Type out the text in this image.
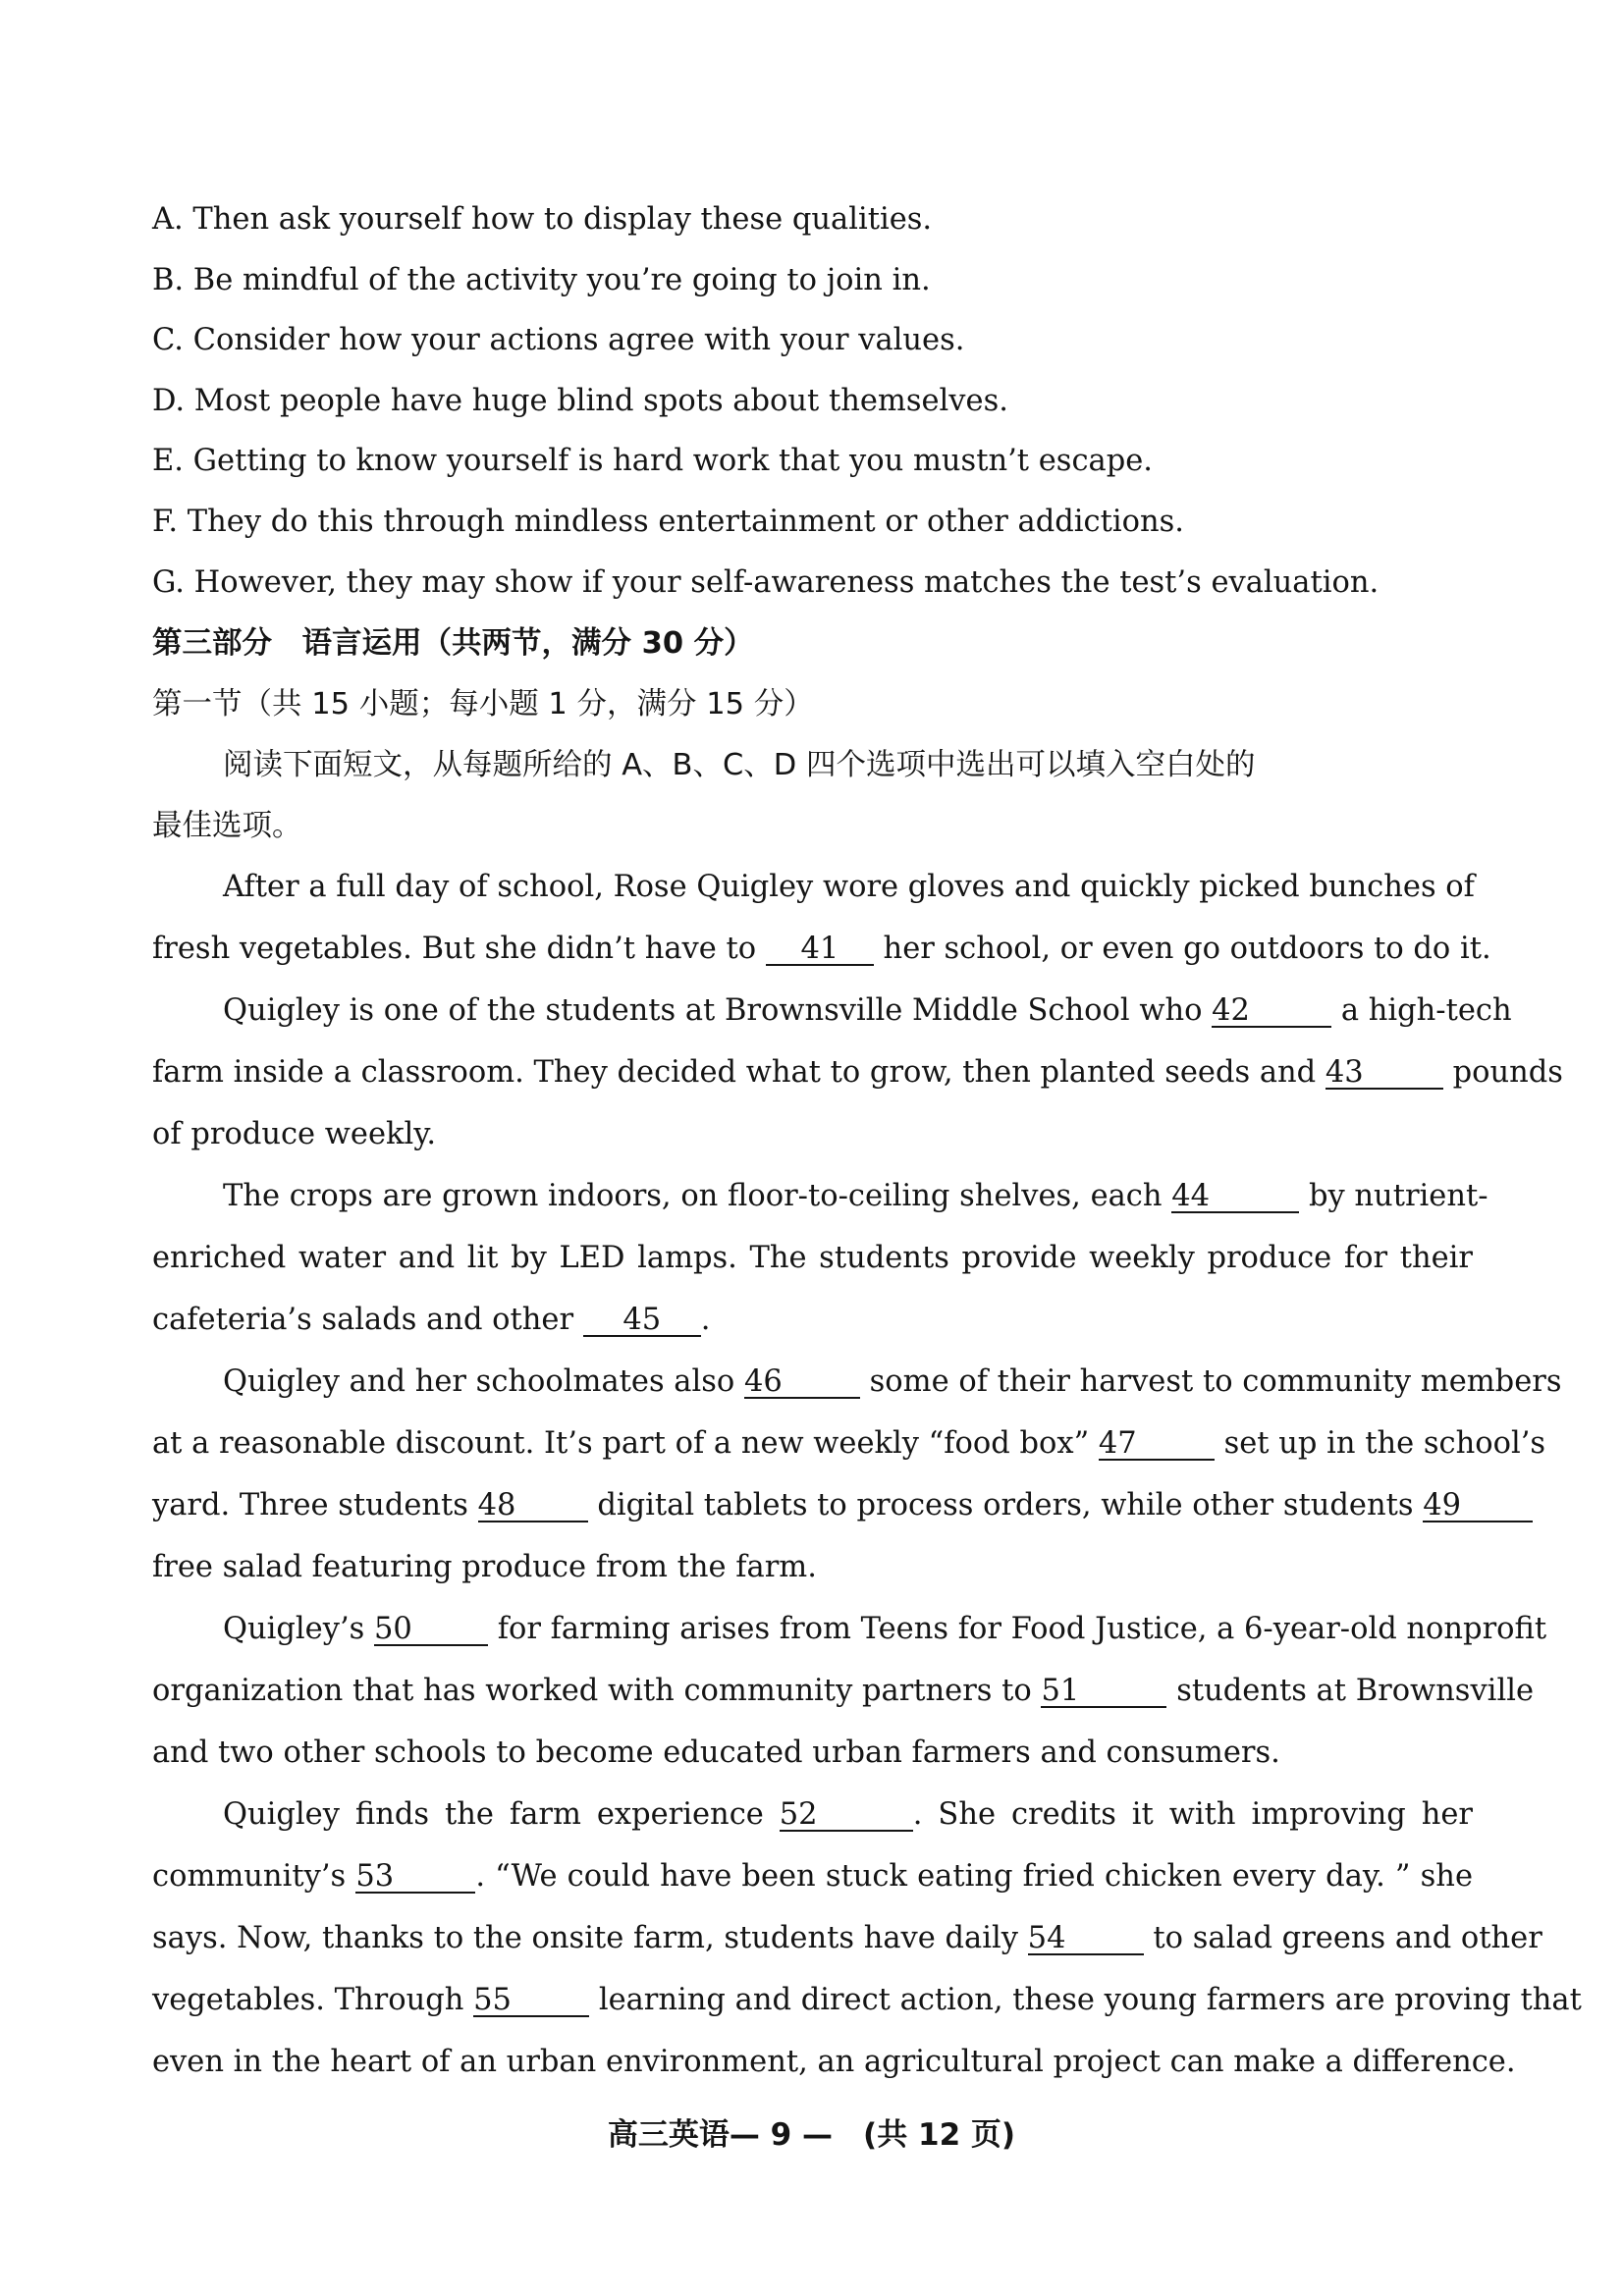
A. Then ask yourself how to display these qualities.
B. Be mindful of the activity you’re going to join in.
C. Consider how your actions agree with your values.
D. Most people have huge blind spots about themselves.
E. Getting to know yourself is hard work that you mustn’t escape.
F. They do this through mindless entertainment or other addictions.
G. However, they may show if your self-awareness matches the test’s evaluation.
第三部分　语言运用（共两节，满分 30 分）
第一节（共 15 小题；每小题 1 分，满分 15 分）
阅读下面短文，从每题所给的 A、B、C、D 四个选项中选出可以填入空白处的
最佳选项。
After a full day of school, Rose Quigley wore gloves and quickly picked bunches of
fresh vegetables. But she didn’t have to 41 her school, or even go outdoors to do it.
Quigley is one of the students at Brownsville Middle School who 42	a high-tech
farm inside a classroom. They decided what to grow, then planted seeds and 43	pounds
of produce weekly.
The crops are grown indoors, on floor-to-ceiling shelves, each 44	by nutrient-
enriched water and lit by LED lamps. The students provide weekly produce for their
cafeteria’s salads and other 45 .
Quigley and her schoolmates also 46	some of their harvest to community members
at a reasonable discount. It’s part of a new weekly “food box” 47	set up in the school’s
yard. Three students 48	digital tablets to process orders, while other students 49
free salad featuring produce from the farm.
Quigley’s 50	for farming arises from Teens for Food Justice, a 6-year-old nonprofit
organization that has worked with community partners to 51	students at Brownsville
and two other schools to become educated urban farmers and consumers.
Quigley finds the farm experience 52	. She credits it with improving her
community’s 53	. “We could have been stuck eating fried chicken every day. ” she
says. Now, thanks to the onsite farm, students have daily 54	to salad greens and other
vegetables. Through 55	learning and direct action, these young farmers are proving that
even in the heart of an urban environment, an agricultural project can make a difference.
高三英语— 9 —　(共 12 页)
